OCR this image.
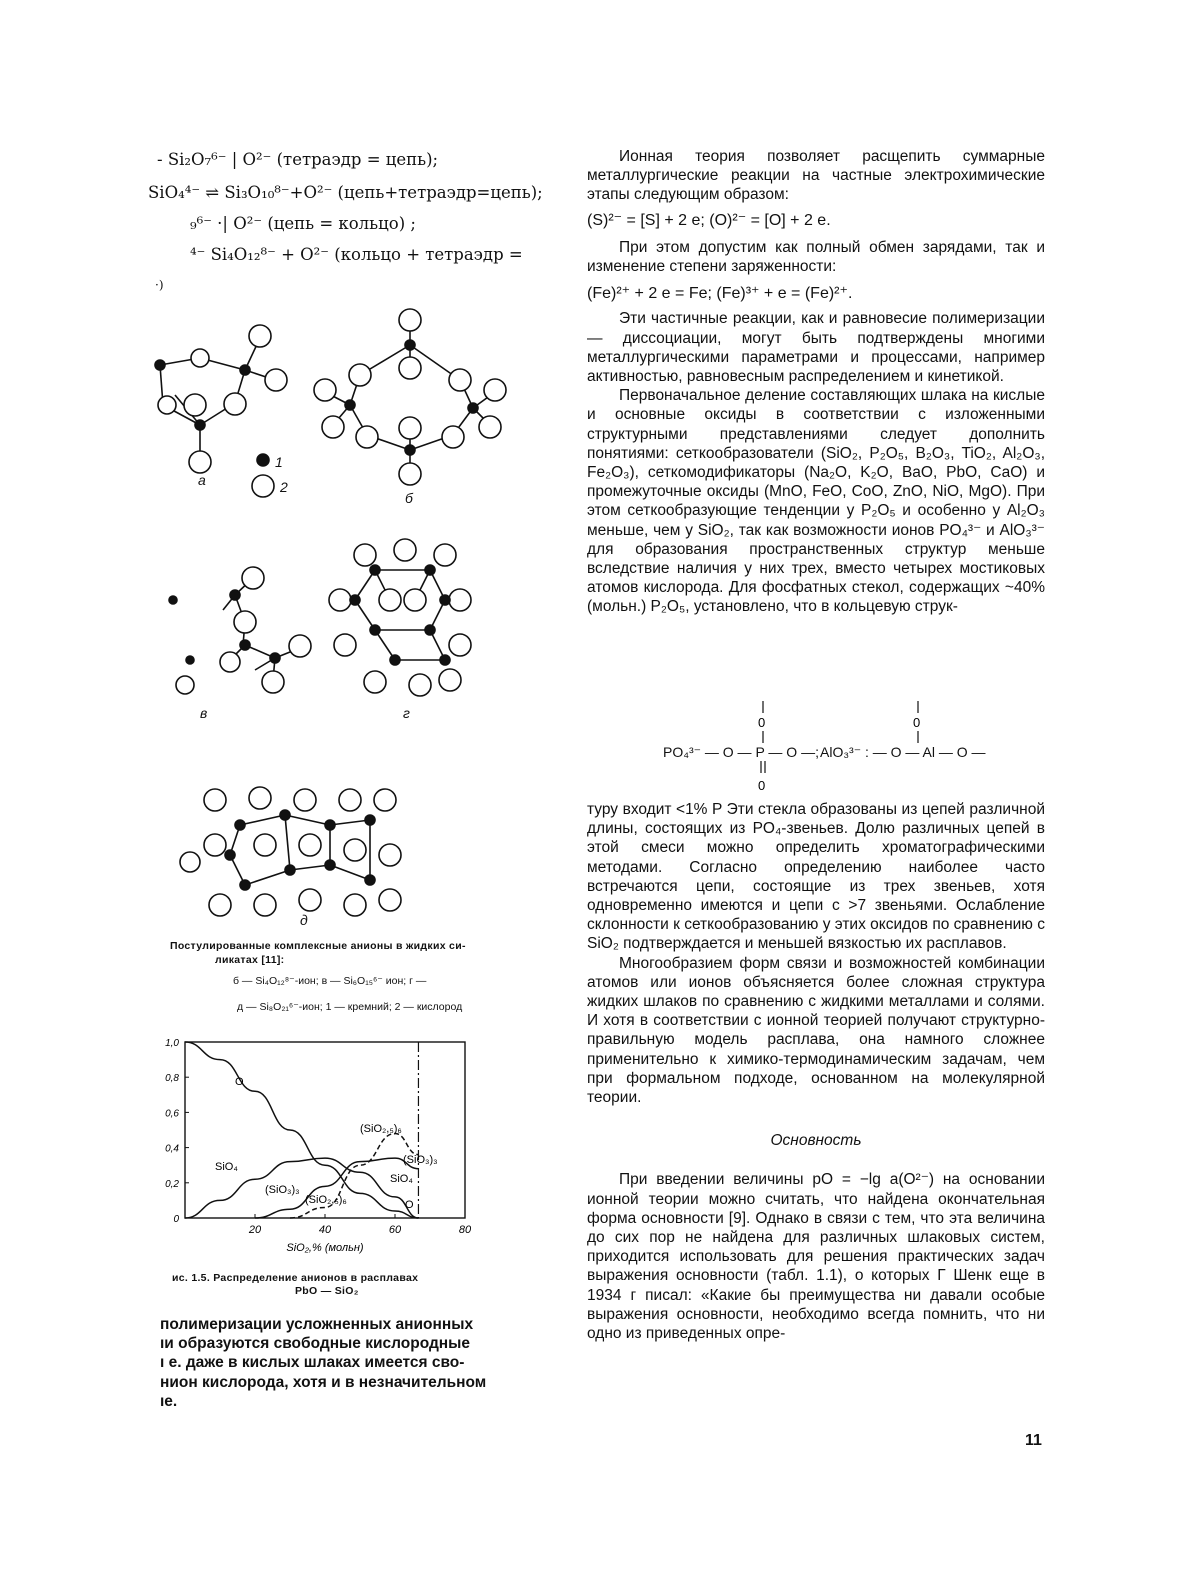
- Si₂O₇⁶⁻ | O²⁻ (тетраэдр = цепь);
SiO₄⁴⁻ ⇌ Si₃O₁₀⁸⁻+O²⁻ (цепь+тетраэдр=цепь);
₉⁶⁻ ·| O²⁻ (цепь = кольцо) ;
⁴⁻ Si₄O₁₂⁸⁻ + O²⁻ (кольцо + тетраэдр =
·)
а
1
2
б
в	г
д
Постулированные комплексные анионы в жидких си-
ликатах [11]:
б — Si₄O₁₂⁸⁻-ион; в — Si₆O₁₅⁶⁻ ион; г —
д — Si₈O₂₁⁶⁻-ион; 1 — кремний; 2 — кислород
0
0,2
0,4
0,6
0,8
1,0
20	40	60	80
SiO₂,% (мольн)
O
SiO₄
(SiO₃)₃
(SiO₂,₅)₆
(SiO₂,₅)₆
(SiO₃)₃
SiO₄
O
ис. 1.5. Распределение анионов в расплавах
PbO — SiO₂
полимеризации усложненных анионных
ıи образуются свободные кислородные
ı е. даже в кислых шлаках имеется сво-
нион кислорода, хотя и в незначительном
ıе.

Ионная теория позволяет расщепить суммарные металлургические реакции на частные электрохимические этапы следующим образом:

(S)²⁻ = [S] + 2 e; (O)²⁻ = [O] + 2 e.

При этом допустим как полный обмен зарядами, так и изменение степени заряженности:

(Fe)²⁺ + 2 e = Fe; (Fe)³⁺ + e = (Fe)²⁺.

Эти частичные реакции, как и равновесие полимеризации — диссоциации, могут быть подтверждены многими металлургическими параметрами и процессами, например активностью, равновесным распределением и кинетикой.

Первоначальное деление составляющих шлака на кислые и основные оксиды в соответствии с изложенными структурными представлениями следует дополнить понятиями: сеткообразователи (SiO₂, P₂O₅, B₂O₃, TiO₂, Al₂O₃, Fe₂O₃), сеткомодификаторы (Na₂O, K₂O, BaO, PbO, CaO) и промежуточные оксиды (MnO, FeO, CoO, ZnO, NiO, MgO). При этом сеткообразующие тенденции у P₂O₅ и особенно у Al₂O₃ меньше, чем у SiO₂, так как возможности ионов PO₄³⁻ и AlO₃³⁻ для образования пространственных структур меньше вследствие наличия у них трех, вместо четырех мостиковых атомов кислорода. Для фосфатных стекол, содержащих ~40% (мольн.) P₂O₅, установлено, что в кольцевую струк-

0	0
0
PO₄³⁻ — O — P — O —; AlO₃³⁻ : — O — Al — O —

туру входит <1% P Эти стекла образованы из цепей различной длины, состоящих из PO₄-звеньев. Долю различных цепей в этой смеси можно определить хроматографическими методами. Согласно определению наиболее часто встречаются цепи, состоящие из трех звеньев, хотя одновременно имеются и цепи с >7 звеньями. Ослабление склонности к сеткообразованию у этих оксидов по сравнению с SiO₂ подтверждается и меньшей вязкостью их расплавов.

Многообразием форм связи и возможностей комбинации атомов или ионов объясняется более сложная структура жидких шлаков по сравнению с жидкими металлами и солями. И хотя в соответствии с ионной теорией получают структурно-правильную модель расплава, она намного сложнее применительно к химико-термодинамическим задачам, чем при формальном подходе, основанном на молекулярной теории.

Основность

При введении величины pO = −lg a(O²⁻) на основании ионной теории можно считать, что найдена окончательная форма основности [9]. Однако в связи с тем, что эта величина до сих пор не найдена для различных шлаковых систем, приходится использовать для решения практических задач выражения основности (табл. 1.1), о которых Г Шенк еще в 1934 г писал: «Какие бы преимущества ни давали особые выражения основности, необходимо всегда помнить, что ни одно из приведенных опре-

11
